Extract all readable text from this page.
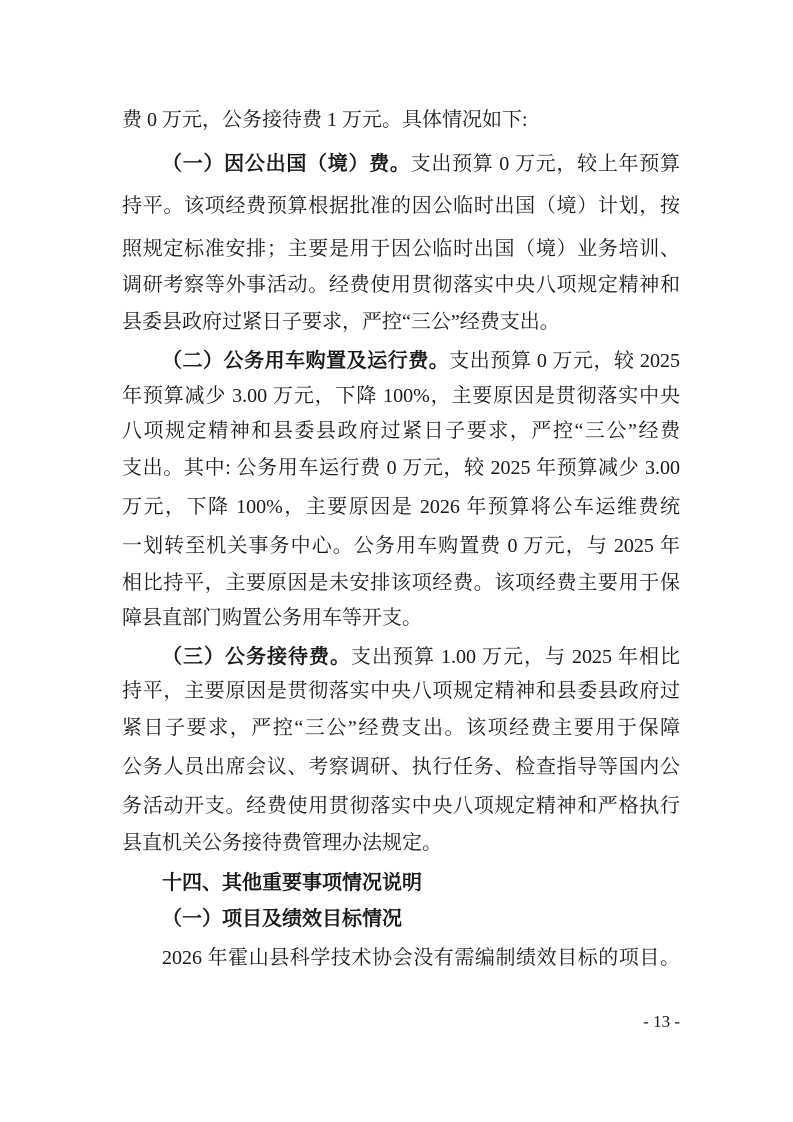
费 0 万元，公务接待费 1 万元。具体情况如下:
（一）因公出国（境）费。支出预算 0 万元，较上年预算
持平。该项经费预算根据批准的因公临时出国（境）计划，按
照规定标准安排；主要是用于因公临时出国（境）业务培训、
调研考察等外事活动。经费使用贯彻落实中央八项规定精神和
县委县政府过紧日子要求，严控“三公”经费支出。
（二）公务用车购置及运行费。支出预算 0 万元，较 2025
年预算减少 3.00 万元，下降 100%，主要原因是贯彻落实中央
八项规定精神和县委县政府过紧日子要求，严控“三公”经费
支出。其中: 公务用车运行费 0 万元，较 2025 年预算减少 3.00
万元，下降 100%，主要原因是 2026 年预算将公车运维费统
一划转至机关事务中心。公务用车购置费 0 万元，与 2025 年
相比持平，主要原因是未安排该项经费。该项经费主要用于保
障县直部门购置公务用车等开支。
（三）公务接待费。支出预算 1.00 万元，与 2025 年相比
持平，主要原因是贯彻落实中央八项规定精神和县委县政府过
紧日子要求，严控“三公”经费支出。该项经费主要用于保障
公务人员出席会议、考察调研、执行任务、检查指导等国内公
务活动开支。经费使用贯彻落实中央八项规定精神和严格执行
县直机关公务接待费管理办法规定。
十四、其他重要事项情况说明
（一）项目及绩效目标情况
2026 年霍山县科学技术协会没有需编制绩效目标的项目。
- 13 -
